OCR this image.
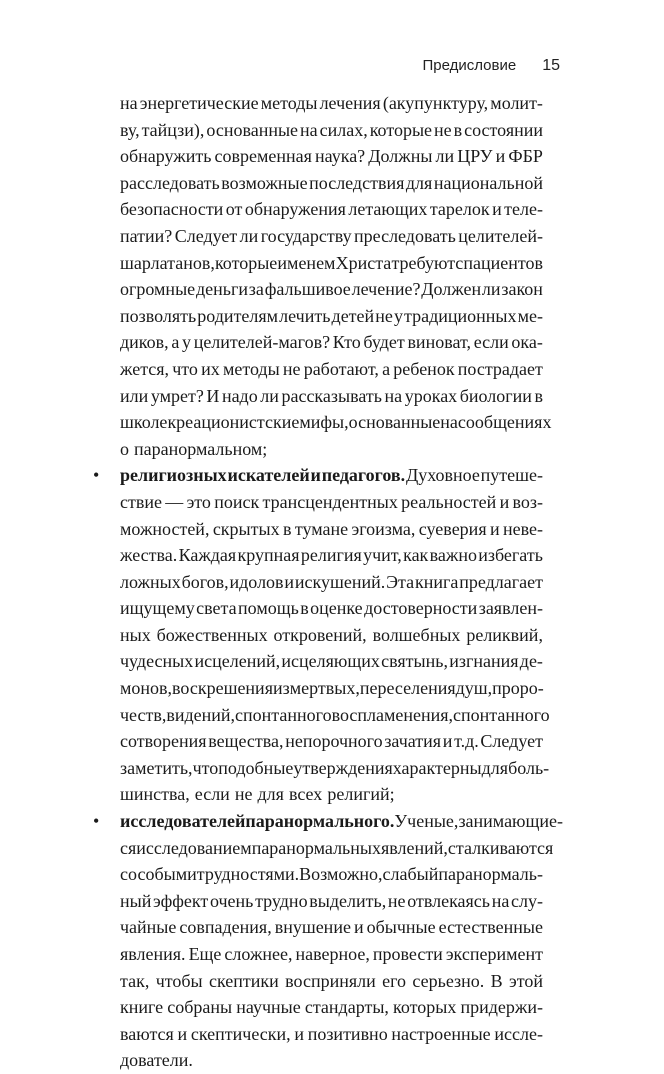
Предисловие 15
на энергетические методы лечения (акупунктуру, молит-
ву, тайцзи), основанные на силах, которые не в состоянии
обнаружить современная наука? Должны ли ЦРУ и ФБР
расследовать возможные последствия для национальной
безопасности от обнаружения летающих тарелок и теле-
патии? Следует ли государству преследовать целителей-
шарлатанов, которые именем Христа требуют с пациентов
огромные деньги за фальшивое лечение? Должен ли закон
позволять родителям лечить детей не у традиционных ме-
диков, а у целителей-магов? Кто будет виноват, если ока-
жется, что их методы не работают, а ребенок пострадает
или умрет? И надо ли рассказывать на уроках биологии в
школе креационистские мифы, основанные на сообщениях
о паранормальном;
• религиозных искателей и педагогов. Духовное путеше-
ствие — это поиск трансцендентных реальностей и воз-
можностей, скрытых в тумане эгоизма, суеверия и неве-
жества. Каждая крупная религия учит, как важно избегать
ложных богов, идолов и искушений. Эта книга предлагает
ищущему света помощь в оценке достоверности заявлен-
ных божественных откровений, волшебных реликвий,
чудесных исцелений, исцеляющих святынь, изгнания де-
монов, воскрешения из мертвых, переселения душ, проро-
честв, видений, спонтанного воспламенения, спонтанного
сотворения вещества, непорочного зачатия и т.д. Следует
заметить, что подобные утверждения характерны для боль-
шинства, если не для всех религий;
• исследователей паранормального. Ученые, занимающие-
ся исследованием паранормальных явлений, сталкиваются
с особыми трудностями. Возможно, слабый паранормаль-
ный эффект очень трудно выделить, не отвлекаясь на слу-
чайные совпадения, внушение и обычные естественные
явления. Еще сложнее, наверное, провести эксперимент
так, чтобы скептики восприняли его серьезно. В этой
книге собраны научные стандарты, которых придержи-
ваются и скептически, и позитивно настроенные иссле-
дователи.
